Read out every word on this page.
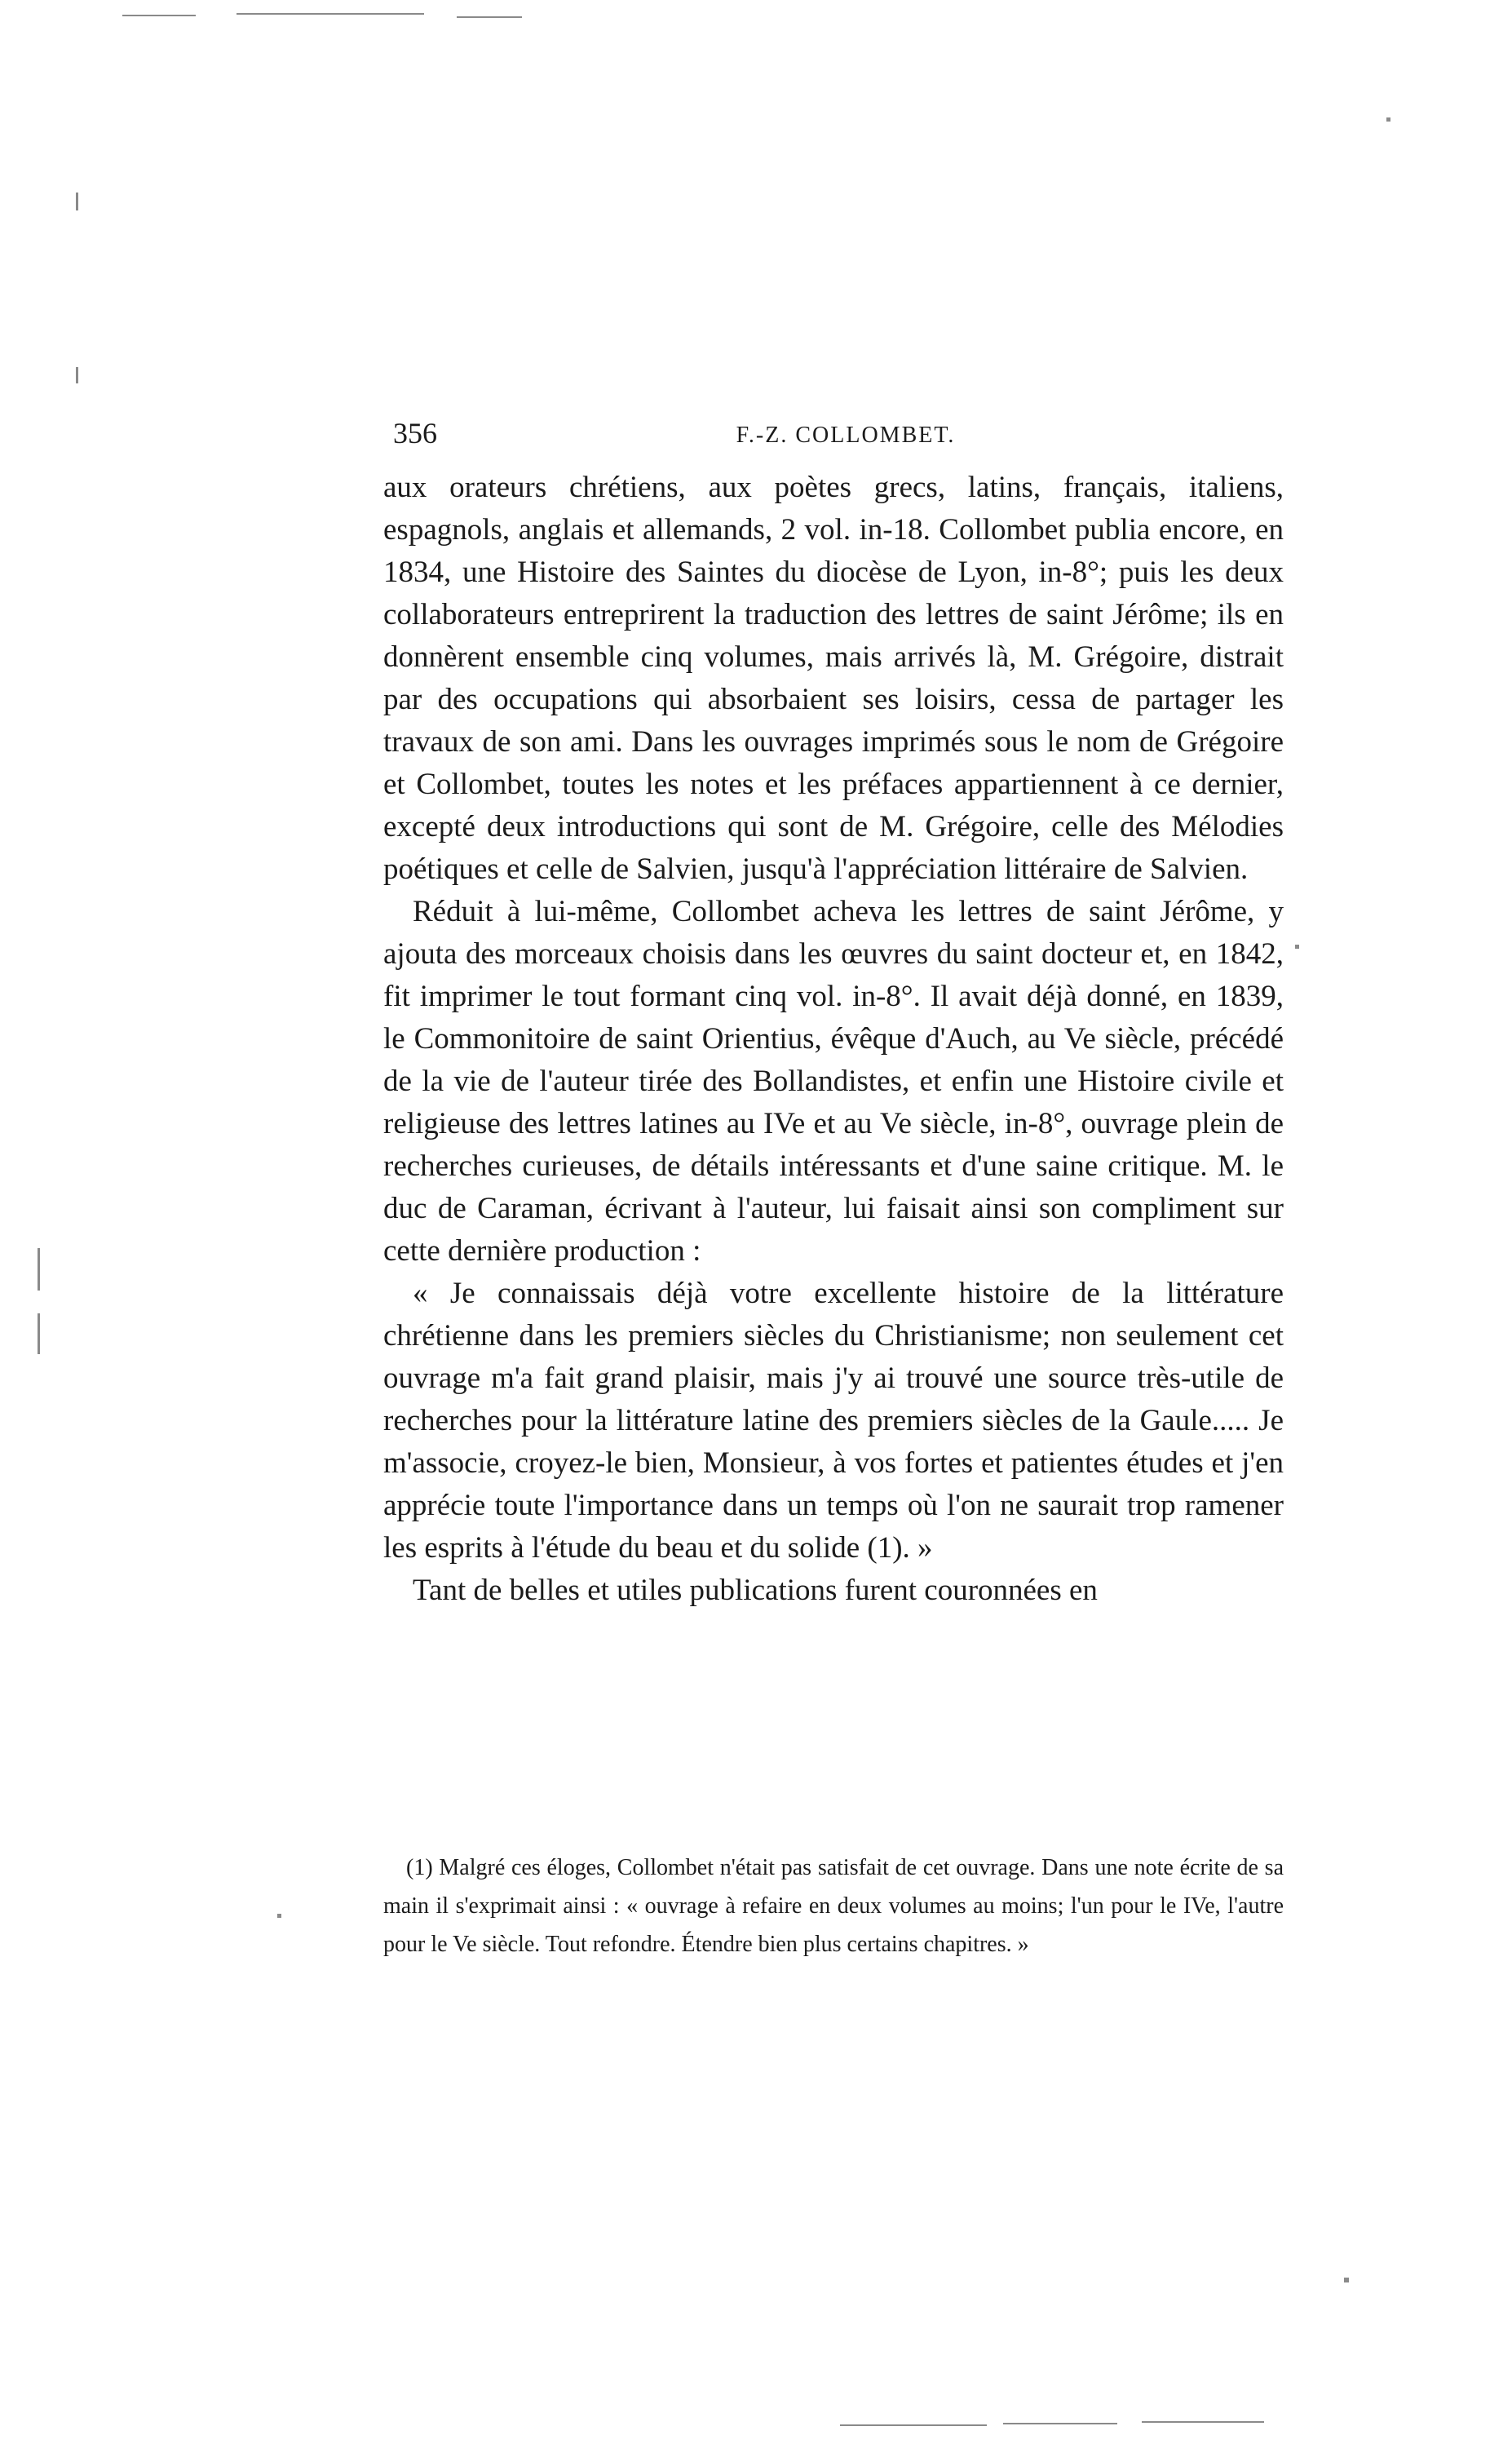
356	F.-Z. COLLOMBET.

aux orateurs chrétiens, aux poètes grecs, latins, français, italiens, espagnols, anglais et allemands, 2 vol. in-18. Collombet publia encore, en 1834, une Histoire des Saintes du diocèse de Lyon, in-8°; puis les deux collaborateurs entreprirent la traduction des lettres de saint Jérôme; ils en donnèrent ensemble cinq volumes, mais arrivés là, M. Grégoire, distrait par des occupations qui absorbaient ses loisirs, cessa de partager les travaux de son ami. Dans les ouvrages imprimés sous le nom de Grégoire et Collombet, toutes les notes et les préfaces appartiennent à ce dernier, excepté deux introductions qui sont de M. Grégoire, celle des Mélodies poétiques et celle de Salvien, jusqu'à l'appréciation littéraire de Salvien.

Réduit à lui-même, Collombet acheva les lettres de saint Jérôme, y ajouta des morceaux choisis dans les œuvres du saint docteur et, en 1842, fit imprimer le tout formant cinq vol. in-8°. Il avait déjà donné, en 1839, le Commonitoire de saint Orientius, évêque d'Auch, au Ve siècle, précédé de la vie de l'auteur tirée des Bollandistes, et enfin une Histoire civile et religieuse des lettres latines au IVe et au Ve siècle, in-8°, ouvrage plein de recherches curieuses, de détails intéressants et d'une saine critique. M. le duc de Caraman, écrivant à l'auteur, lui faisait ainsi son compliment sur cette dernière production :

« Je connaissais déjà votre excellente histoire de la littérature chrétienne dans les premiers siècles du Christianisme; non seulement cet ouvrage m'a fait grand plaisir, mais j'y ai trouvé une source très-utile de recherches pour la littérature latine des premiers siècles de la Gaule..... Je m'associe, croyez-le bien, Monsieur, à vos fortes et patientes études et j'en apprécie toute l'importance dans un temps où l'on ne saurait trop ramener les esprits à l'étude du beau et du solide (1). »

Tant de belles et utiles publications furent couronnées en

(1) Malgré ces éloges, Collombet n'était pas satisfait de cet ouvrage. Dans une note écrite de sa main il s'exprimait ainsi : « ouvrage à refaire en deux volumes au moins; l'un pour le IVe, l'autre pour le Ve siècle. Tout refondre. Étendre bien plus certains chapitres. »
